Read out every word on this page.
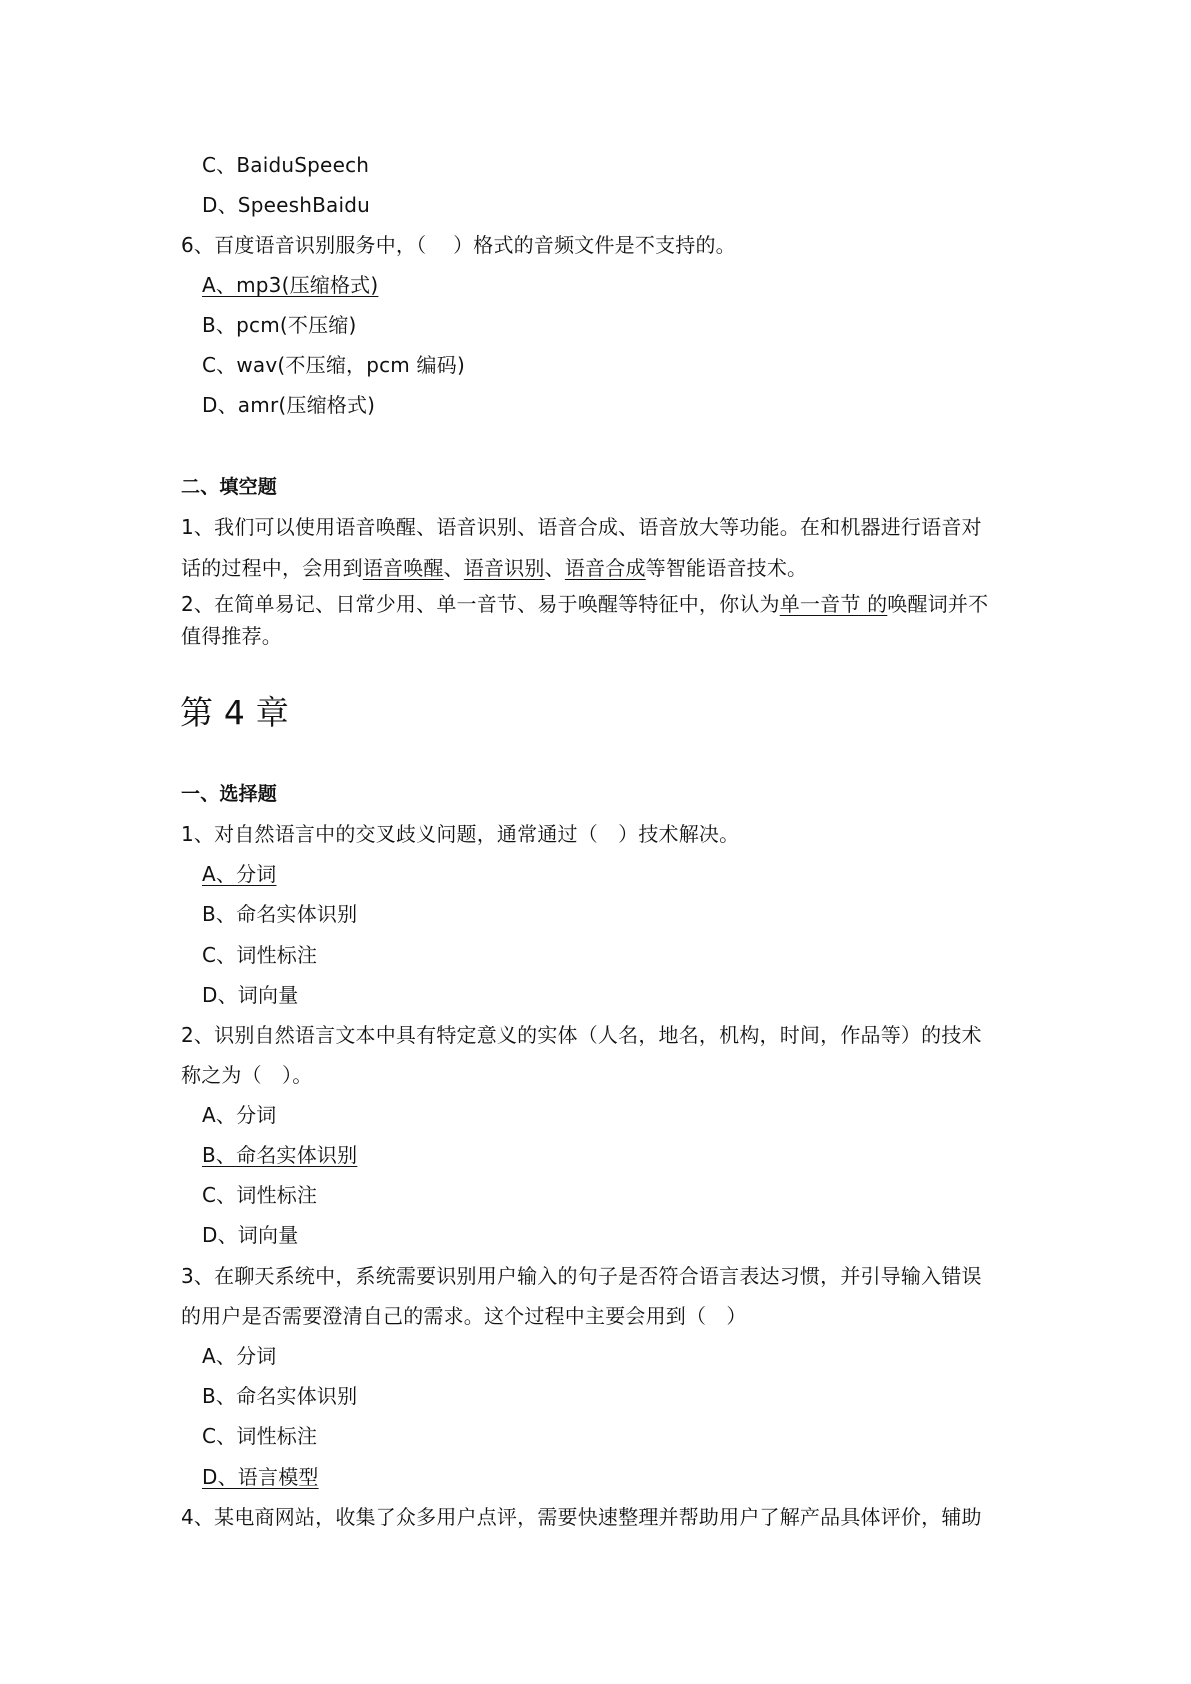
C、BaiduSpeech
D、SpeeshBaidu
6、百度语音识别服务中，（　 ）格式的音频文件是不支持的。
A、mp3(压缩格式)
B、pcm(不压缩)
C、wav(不压缩，pcm 编码)
D、amr(压缩格式)
二、填空题
1、我们可以使用语音唤醒、语音识别、语音合成、语音放大等功能。在和机器进行语音对
话的过程中，会用到语音唤醒、语音识别、语音合成等智能语音技术。
2、在简单易记、日常少用、单一音节、易于唤醒等特征中，你认为单一音节 的唤醒词并不
值得推荐。
第 4 章
一、选择题
1、对自然语言中的交叉歧义问题，通常通过（　）技术解决。
A、分词
B、命名实体识别
C、词性标注
D、词向量
2、识别自然语言文本中具有特定意义的实体（人名，地名，机构，时间，作品等）的技术
称之为（　）。
A、分词
B、命名实体识别
C、词性标注
D、词向量
3、在聊天系统中，系统需要识别用户输入的句子是否符合语言表达习惯，并引导输入错误
的用户是否需要澄清自己的需求。这个过程中主要会用到（　）
A、分词
B、命名实体识别
C、词性标注
D、语言模型
4、某电商网站，收集了众多用户点评，需要快速整理并帮助用户了解产品具体评价，辅助
